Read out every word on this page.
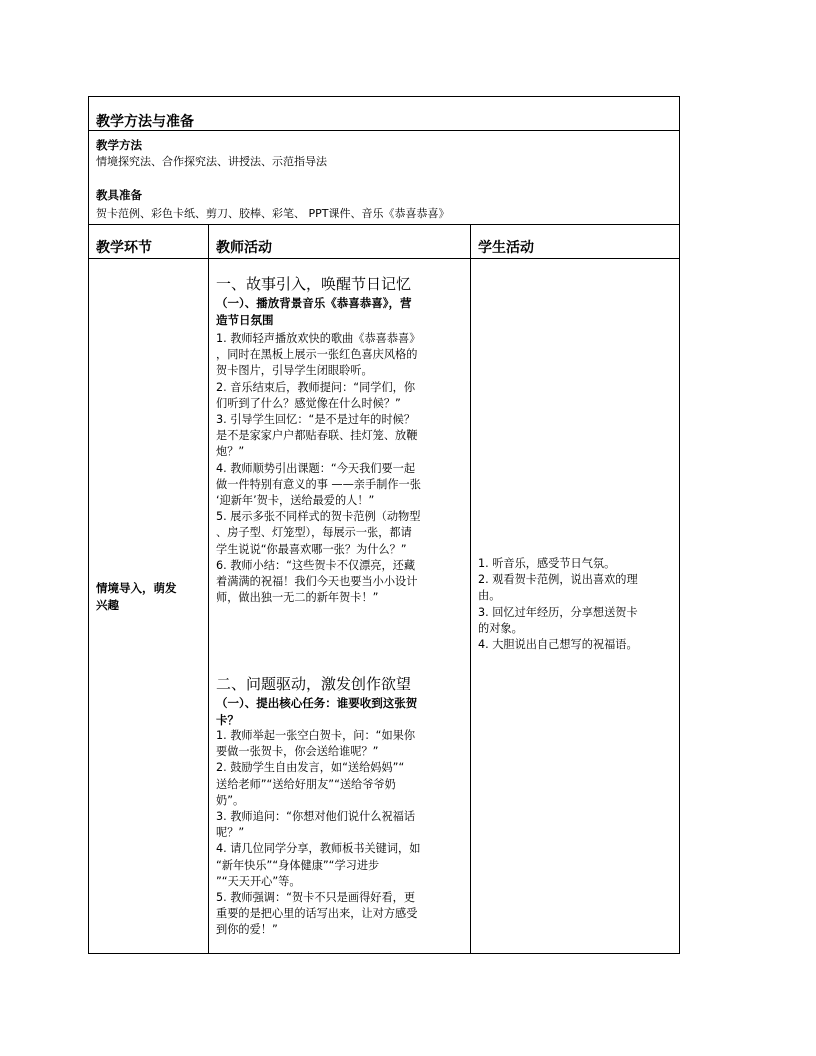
教学方法与准备
教学方法
情境探究法、合作探究法、讲授法、示范指导法
教具准备
贺卡范例、彩色卡纸、剪刀、胶棒、彩笔、 PPT课件、音乐《恭喜恭喜》
教学环节	教师活动	学生活动
情境导入，萌发
兴趣
一、故事引入，唤醒节日记忆
（一）、播放背景音乐《恭喜恭喜》，营
造节日氛围
1. 教师轻声播放欢快的歌曲《恭喜恭喜》
，同时在黑板上展示一张红色喜庆风格的
贺卡图片，引导学生闭眼聆听。
2. 音乐结束后，教师提问：“同学们，你
们听到了什么？感觉像在什么时候？”
3. 引导学生回忆：“是不是过年的时候？
是不是家家户户都贴春联、挂灯笼、放鞭
炮？”
4. 教师顺势引出课题：“今天我们要一起
做一件特别有意义的事 ——亲手制作一张
‘迎新年’贺卡，送给最爱的人！”
5. 展示多张不同样式的贺卡范例（动物型
、房子型、灯笼型），每展示一张，都请
学生说说“你最喜欢哪一张？为什么？”
6. 教师小结：“这些贺卡不仅漂亮，还藏
着满满的祝福！我们今天也要当小小设计
师，做出独一无二的新年贺卡！”
二、问题驱动，激发创作欲望
（一）、提出核心任务：谁要收到这张贺
卡？
1. 教师举起一张空白贺卡，问：“如果你
要做一张贺卡，你会送给谁呢？”
2. 鼓励学生自由发言，如“送给妈妈”“
送给老师”“送给好朋友”“送给爷爷奶
奶”。
3. 教师追问：“你想对他们说什么祝福话
呢？”
4. 请几位同学分享，教师板书关键词，如
“新年快乐”“身体健康”“学习进步
”“天天开心”等。
5. 教师强调：“贺卡不只是画得好看，更
重要的是把心里的话写出来，让对方感受
到你的爱！”
1. 听音乐，感受节日气氛。
2. 观看贺卡范例，说出喜欢的理
由。
3. 回忆过年经历，分享想送贺卡
的对象。
4. 大胆说出自己想写的祝福语。
